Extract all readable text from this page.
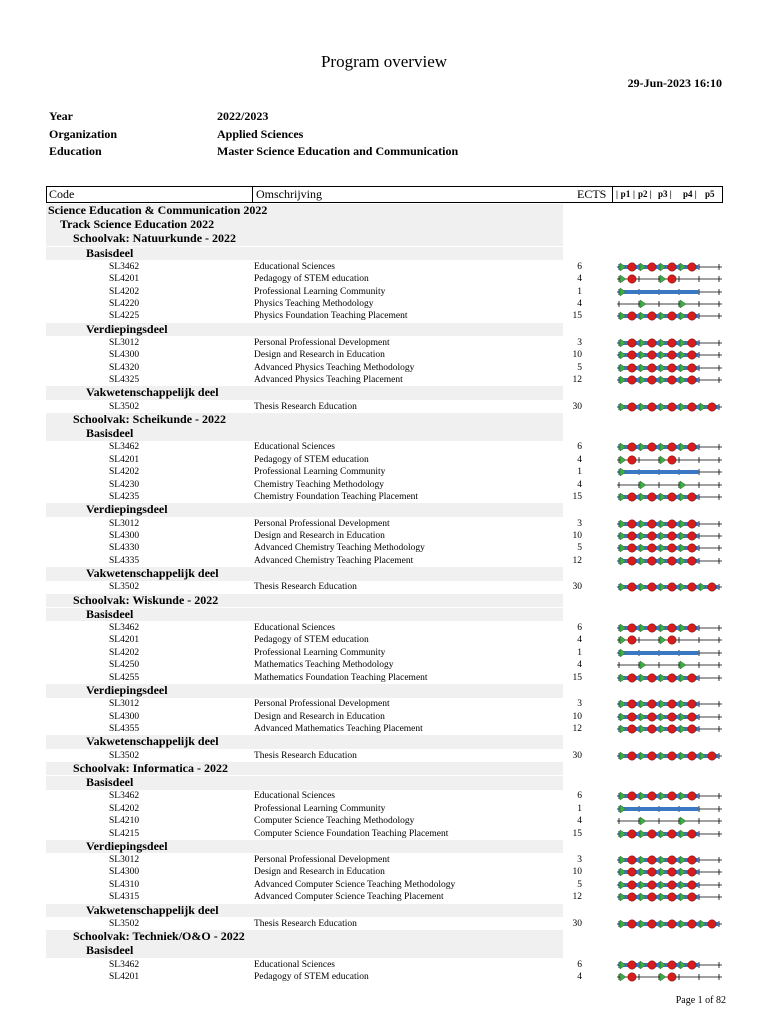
Program overview
29-Jun-2023 16:10
Year	2022/2023
Organization	Applied Sciences
Education	Master Science Education and Communication
Code	Omschrijving	ECTS | p1 | p2 | p3 | p4 | p5
Science Education & Communication 2022
Track Science Education 2022
Schoolvak: Natuurkunde - 2022
Basisdeel
SL3462	Educational Sciences	6
SL4201	Pedagogy of STEM education	4
SL4202	Professional Learning Community	1
SL4220	Physics Teaching Methodology	4
SL4225	Physics Foundation Teaching Placement	15
Verdiepingsdeel
SL3012	Personal Professional Development	3
SL4300	Design and Research in Education	10
SL4320	Advanced Physics Teaching Methodology	5
SL4325	Advanced Physics Teaching Placement	12
Vakwetenschappelijk deel
SL3502	Thesis Research Education	30
Schoolvak: Scheikunde - 2022
Basisdeel
SL3462	Educational Sciences	6
SL4201	Pedagogy of STEM education	4
SL4202	Professional Learning Community	1
SL4230	Chemistry Teaching Methodology	4
SL4235	Chemistry Foundation Teaching Placement	15
Verdiepingsdeel
SL3012	Personal Professional Development	3
SL4300	Design and Research in Education	10
SL4330	Advanced Chemistry Teaching Methodology	5
SL4335	Advanced Chemistry Teaching Placement	12
Vakwetenschappelijk deel
SL3502	Thesis Research Education	30
Schoolvak: Wiskunde - 2022
Basisdeel
SL3462	Educational Sciences	6
SL4201	Pedagogy of STEM education	4
SL4202	Professional Learning Community	1
SL4250	Mathematics Teaching Methodology	4
SL4255	Mathematics Foundation Teaching Placement	15
Verdiepingsdeel
SL3012	Personal Professional Development	3
SL4300	Design and Research in Education	10
SL4355	Advanced Mathematics Teaching Placement	12
Vakwetenschappelijk deel
SL3502	Thesis Research Education	30
Schoolvak: Informatica - 2022
Basisdeel
SL3462	Educational Sciences	6
SL4202	Professional Learning Community	1
SL4210	Computer Science Teaching Methodology	4
SL4215	Computer Science Foundation Teaching Placement	15
Verdiepingsdeel
SL3012	Personal Professional Development	3
SL4300	Design and Research in Education	10
SL4310	Advanced Computer Science Teaching Methodology	5
SL4315	Advanced Computer Science Teaching Placement	12
Vakwetenschappelijk deel
SL3502	Thesis Research Education	30
Schoolvak: Techniek/O&O - 2022
Basisdeel
SL3462	Educational Sciences	6
SL4201	Pedagogy of STEM education	4
Page 1 of 82
